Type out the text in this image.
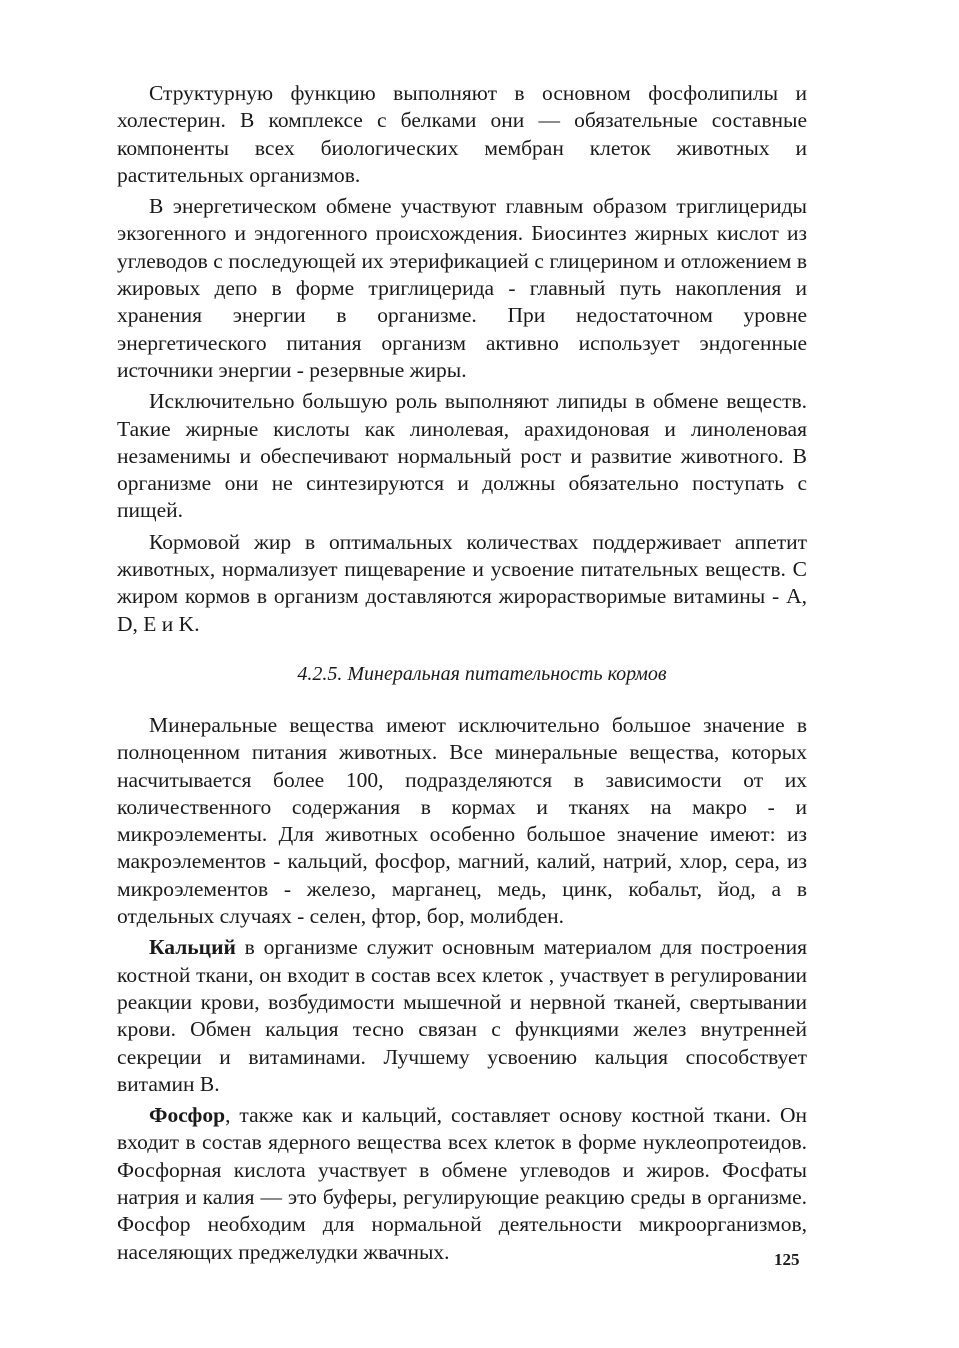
Структурную функцию выполняют в основном фосфолипилы и холестерин. В комплексе с белками они — обязательные составные компоненты всех биологических мембран клеток животных и растительных организмов.

В энергетическом обмене участвуют главным образом триглицериды экзогенного и эндогенного происхождения. Биосинтез жирных кислот из углеводов с последующей их этерификацией с глицерином и отложением в жировых депо в форме триглицерида - главный путь накопления и хранения энергии в организме. При недостаточном уровне энергетического питания организм активно использует эндогенные источники энергии - резервные жиры.

Исключительно большую роль выполняют липиды в обмене веществ. Такие жирные кислоты как линолевая, арахидоновая и линоленовая незаменимы и обеспечивают нормальный рост и развитие животного. В организме они не синтезируются и должны обязательно поступать с пищей.

Кормовой жир в оптимальных количествах поддерживает аппетит животных, нормализует пищеварение и усвоение питательных веществ. С жиром кормов в организм доставляются жирорастворимые витамины - A, D, E и K.

4.2.5. Минеральная питательность кормов

Минеральные вещества имеют исключительно большое значение в полноценном питания животных. Все минеральные вещества, которых насчитывается более 100, подразделяются в зависимости от их количественного содержания в кормах и тканях на макро - и микроэлементы. Для животных особенно большое значение имеют: из макроэлементов - кальций, фосфор, магний, калий, натрий, хлор, сера, из микроэлементов - железо, марганец, медь, цинк, кобальт, йод, а в отдельных случаях - селен, фтор, бор, молибден.

Кальций в организме служит основным материалом для построения костной ткани, он входит в состав всех клеток , участвует в регулировании реакции крови, возбудимости мышечной и нервной тканей, свертывании крови. Обмен кальция тесно связан с функциями желез внутренней секреции и витаминами. Лучшему усвоению кальция способствует витамин B.

Фосфор, также как и кальций, составляет основу костной ткани. Он входит в состав ядерного вещества всех клеток в форме нуклеопротеидов. Фосфорная кислота участвует в обмене углеводов и жиров. Фосфаты натрия и калия — это буферы, регулирующие реакцию среды в организме. Фосфор необходим для нормальной деятельности микроорганизмов, населяющих преджелудки жвачных.	125
